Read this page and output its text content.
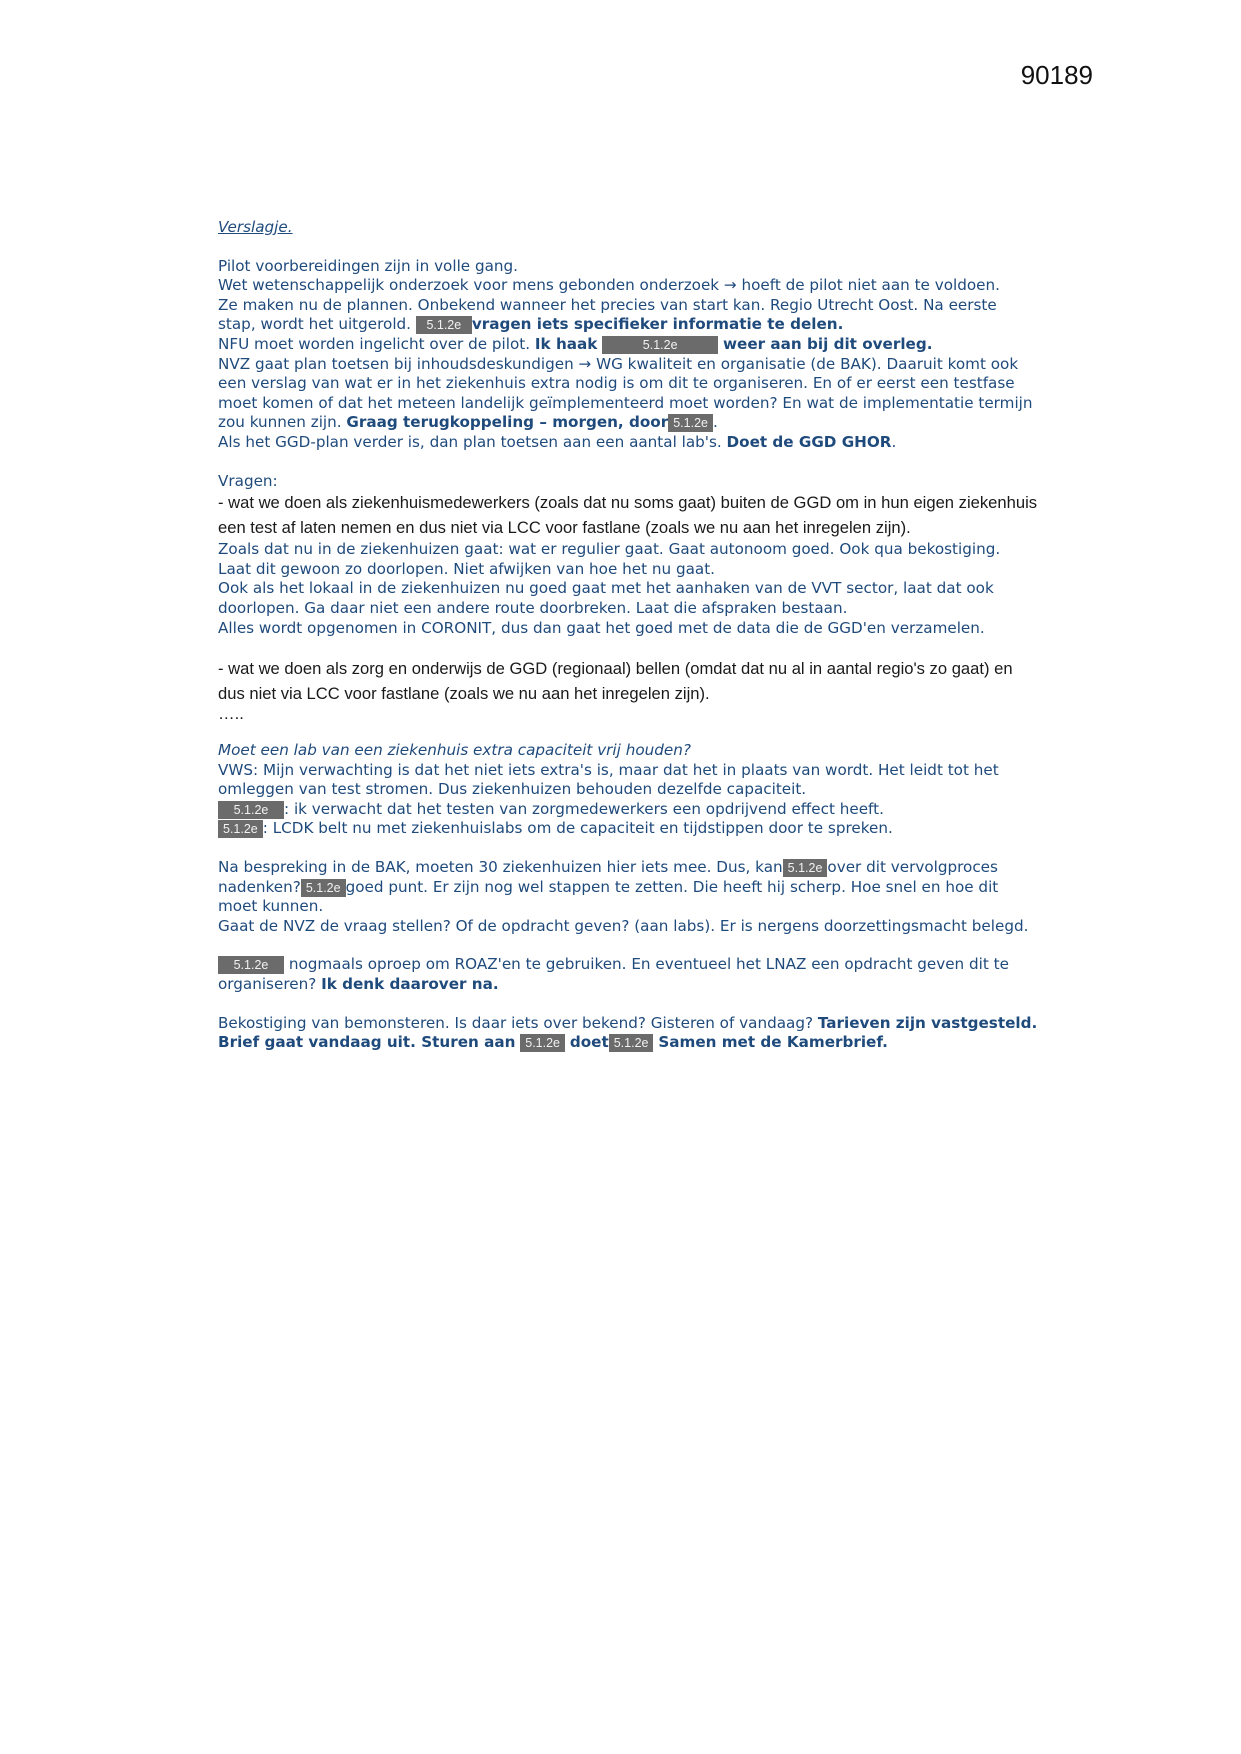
90189

Verslagje.

Pilot voorbereidingen zijn in volle gang.

Wet wetenschappelijk onderzoek voor mens gebonden onderzoek → hoeft de pilot niet aan te voldoen.

Ze maken nu de plannen. Onbekend wanneer het precies van start kan. Regio Utrecht Oost. Na eerste stap, wordt het uitgerold. 5.1.2e vragen iets specifieker informatie te delen.

NFU moet worden ingelicht over de pilot. Ik haak	5.1.2e	weer aan bij dit overleg.

NVZ gaat plan toetsen bij inhoudsdeskundigen → WG kwaliteit en organisatie (de BAK). Daaruit komt ook een verslag van wat er in het ziekenhuis extra nodig is om dit te organiseren. En of er eerst een testfase moet komen of dat het meteen landelijk geïmplementeerd moet worden? En wat de implementatie termijn zou kunnen zijn. Graag terugkoppeling – morgen, door 5.1.2e .

Als het GGD-plan verder is, dan plan toetsen aan een aantal lab's. Doet de GGD GHOR.

Vragen:

- wat we doen als ziekenhuismedewerkers (zoals dat nu soms gaat) buiten de GGD om in hun eigen ziekenhuis een test af laten nemen en dus niet via LCC voor fastlane (zoals we nu aan het inregelen zijn).

Zoals dat nu in de ziekenhuizen gaat: wat er regulier gaat. Gaat autonoom goed. Ook qua bekostiging. Laat dit gewoon zo doorlopen. Niet afwijken van hoe het nu gaat.

Ook als het lokaal in de ziekenhuizen nu goed gaat met het aanhaken van de VVT sector, laat dat ook doorlopen. Ga daar niet een andere route doorbreken. Laat die afspraken bestaan.

Alles wordt opgenomen in CORONIT, dus dan gaat het goed met de data die de GGD'en verzamelen.

- wat we doen als zorg en onderwijs de GGD (regionaal) bellen (omdat dat nu al in aantal regio's zo gaat) en dus niet via LCC voor fastlane (zoals we nu aan het inregelen zijn).

…..

Moet een lab van een ziekenhuis extra capaciteit vrij houden?

VWS: Mijn verwachting is dat het niet iets extra's is, maar dat het in plaats van wordt. Het leidt tot het omleggen van test stromen. Dus ziekenhuizen behouden dezelfde capaciteit.

5.1.2e : ik verwacht dat het testen van zorgmedewerkers een opdrijvend effect heeft.

5.1.2e : LCDK belt nu met ziekenhuislabs om de capaciteit en tijdstippen door te spreken.

Na bespreking in de BAK, moeten 30 ziekenhuizen hier iets mee. Dus, kan 5.1.2e over dit vervolgproces nadenken? 5.1.2e goed punt. Er zijn nog wel stappen te zetten. Die heeft hij scherp. Hoe snel en hoe dit moet kunnen.

Gaat de NVZ de vraag stellen? Of de opdracht geven? (aan labs). Er is nergens doorzettingsmacht belegd.

5.1.2e nogmaals oproep om ROAZ'en te gebruiken. En eventueel het LNAZ een opdracht geven dit te organiseren? Ik denk daarover na.

Bekostiging van bemonsteren. Is daar iets over bekend? Gisteren of vandaag? Tarieven zijn vastgesteld. Brief gaat vandaag uit. Sturen aan 5.1.2e doet 5.1.2e Samen met de Kamerbrief.
